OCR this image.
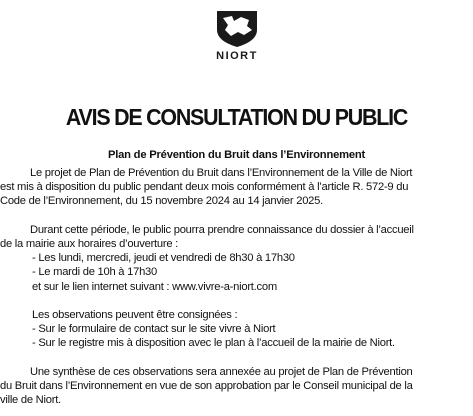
NIORT
AVIS DE CONSULTATION DU PUBLIC
Plan de Prévention du Bruit dans l’Environnement
Le projet de Plan de Prévention du Bruit dans l’Environnement de la Ville de Niort
est mis à disposition du public pendant deux mois conformément à l’article R. 572-9 du
Code de l’Environnement, du 15 novembre 2024 au 14 janvier 2025.
Durant cette période, le public pourra prendre connaissance du dossier à l’accueil
de la mairie aux horaires d’ouverture :
- Les lundi, mercredi, jeudi et vendredi de 8h30 à 17h30
- Le mardi de 10h à 17h30
et sur le lien internet suivant : www.vivre-a-niort.com
Les observations peuvent être consignées :
- Sur le formulaire de contact sur le site vivre à Niort
- Sur le registre mis à disposition avec le plan à l’accueil de la mairie de Niort.
Une synthèse de ces observations sera annexée au projet de Plan de Prévention
du Bruit dans l’Environnement en vue de son approbation par le Conseil municipal de la
ville de Niort.
